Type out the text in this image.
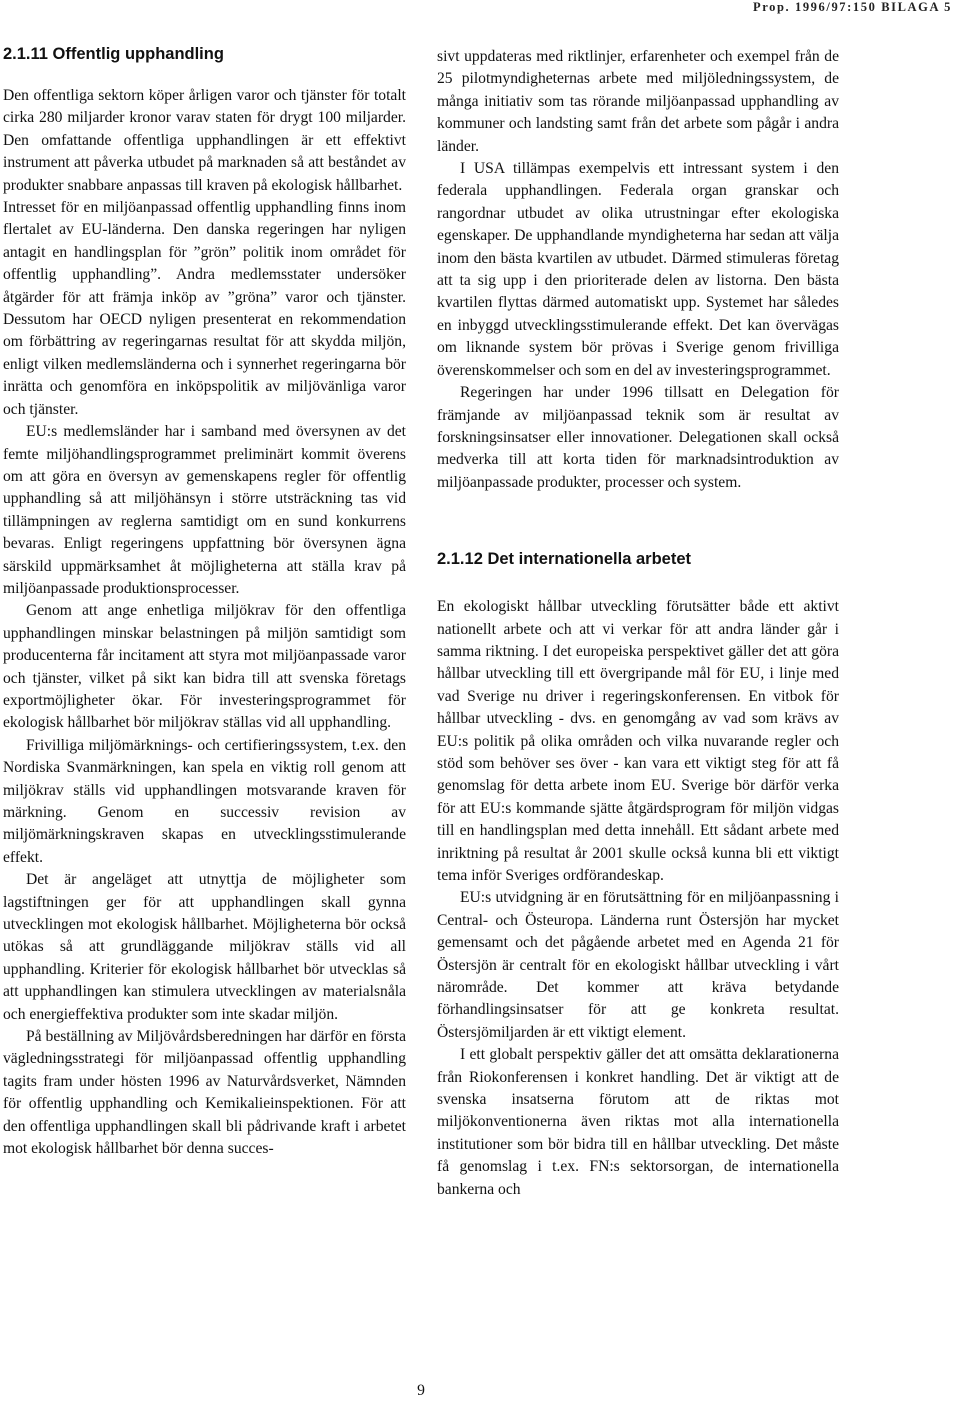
Prop. 1996/97:150 BILAGA 5
2.1.11 Offentlig upphandling

Den offentliga sektorn köper årligen varor och tjänster för totalt cirka 280 miljarder kronor varav staten för drygt 100 miljarder. Den omfattande offentliga upphandlingen är ett effektivt instrument att påverka utbudet på marknaden så att beståndet av produkter snabbare anpassas till kraven på ekologisk hållbarhet.

Intresset för en miljöanpassad offentlig upphandling finns inom flertalet av EU-länderna. Den danska regeringen har nyligen antagit en handlingsplan för ”grön” politik inom området för offentlig upphandling”. Andra medlemsstater undersöker åtgärder för att främja inköp av ”gröna” varor och tjänster. Dessutom har OECD nyligen presenterat en rekommendation om förbättring av regeringarnas resultat för att skydda miljön, enligt vilken medlemsländerna och i synnerhet regeringarna bör inrätta och genomföra en inköpspolitik av miljövänliga varor och tjänster.

EU:s medlemsländer har i samband med översynen av det femte miljöhandlingsprogrammet preliminärt kommit överens om att göra en översyn av gemenskapens regler för offentlig upphandling så att miljöhänsyn i större utsträckning tas vid tillämpningen av reglerna samtidigt om en sund konkurrens bevaras. Enligt regeringens uppfattning bör översynen ägna särskild uppmärksamhet åt möjligheterna att ställa krav på miljöanpassade produktionsprocesser.

Genom att ange enhetliga miljökrav för den offentliga upphandlingen minskar belastningen på miljön samtidigt som producenterna får incitament att styra mot miljöanpassade varor och tjänster, vilket på sikt kan bidra till att svenska företags exportmöjligheter ökar. För investeringsprogrammet för ekologisk hållbarhet bör miljökrav ställas vid all upphandling.

Frivilliga miljömärknings- och certifieringssystem, t.ex. den Nordiska Svanmärkningen, kan spela en viktig roll genom att miljökrav ställs vid upphandlingen motsvarande kraven för märkning. Genom en successiv revision av miljömärkningskraven skapas en utvecklingsstimulerande effekt.

Det är angeläget att utnyttja de möjligheter som lagstiftningen ger för att upphandlingen skall gynna utvecklingen mot ekologisk hållbarhet. Möjligheterna bör också utökas så att grundläggande miljökrav ställs vid all upphandling. Kriterier för ekologisk hållbarhet bör utvecklas så att upphandlingen kan stimulera utvecklingen av materialsnåla och energieffektiva produkter som inte skadar miljön.

På beställning av Miljövårdsberedningen har därför en första vägledningsstrategi för miljöanpassad offentlig upphandling tagits fram under hösten 1996 av Naturvårdsverket, Nämnden för offentlig upphandling och Kemikalieinspektionen. För att den offentliga upphandlingen skall bli pådrivande kraft i arbetet mot ekologisk hållbarhet bör denna succes-

sivt uppdateras med riktlinjer, erfarenheter och exempel från de 25 pilotmyndigheternas arbete med miljöledningssystem, de många initiativ som tas rörande miljöanpassad upphandling av kommuner och landsting samt från det arbete som pågår i andra länder.

I USA tillämpas exempelvis ett intressant system i den federala upphandlingen. Federala organ granskar och rangordnar utbudet av olika utrustningar efter ekologiska egenskaper. De upphandlande myndigheterna har sedan att välja inom den bästa kvartilen av utbudet. Därmed stimuleras företag att ta sig upp i den prioriterade delen av listorna. Den bästa kvartilen flyttas därmed automatiskt upp. Systemet har således en inbyggd utvecklingsstimulerande effekt. Det kan övervägas om liknande system bör prövas i Sverige genom frivilliga överenskommelser och som en del av investeringsprogrammet.

Regeringen har under 1996 tillsatt en Delegation för främjande av miljöanpassad teknik som är resultat av forskningsinsatser eller innovationer. Delegationen skall också medverka till att korta tiden för marknadsintroduktion av miljöanpassade produkter, processer och system.

2.1.12 Det internationella arbetet

En ekologiskt hållbar utveckling förutsätter både ett aktivt nationellt arbete och att vi verkar för att andra länder går i samma riktning. I det europeiska perspektivet gäller det att göra hållbar utveckling till ett övergripande mål för EU, i linje med vad Sverige nu driver i regeringskonferensen. En vitbok för hållbar utveckling - dvs. en genomgång av vad som krävs av EU:s politik på olika områden och vilka nuvarande regler och stöd som behöver ses över - kan vara ett viktigt steg för att få genomslag för detta arbete inom EU. Sverige bör därför verka för att EU:s kommande sjätte åtgärdsprogram för miljön vidgas till en handlingsplan med detta innehåll. Ett sådant arbete med inriktning på resultat år 2001 skulle också kunna bli ett viktigt tema inför Sveriges ordförandeskap.

EU:s utvidgning är en förutsättning för en miljöanpassning i Central- och Östeuropa. Länderna runt Östersjön har mycket gemensamt och det pågående arbetet med en Agenda 21 för Östersjön är centralt för en ekologiskt hållbar utveckling i vårt närområde. Det kommer att kräva betydande förhandlingsinsatser för att ge konkreta resultat. Östersjömiljarden är ett viktigt element.

I ett globalt perspektiv gäller det att omsätta deklarationerna från Riokonferensen i konkret handling. Det är viktigt att de svenska insatserna förutom att de riktas mot miljökonventionerna även riktas mot alla internationella institutioner som bör bidra till en hållbar utveckling. Det måste få genomslag i t.ex. FN:s sektorsorgan, de internationella bankerna och

9
